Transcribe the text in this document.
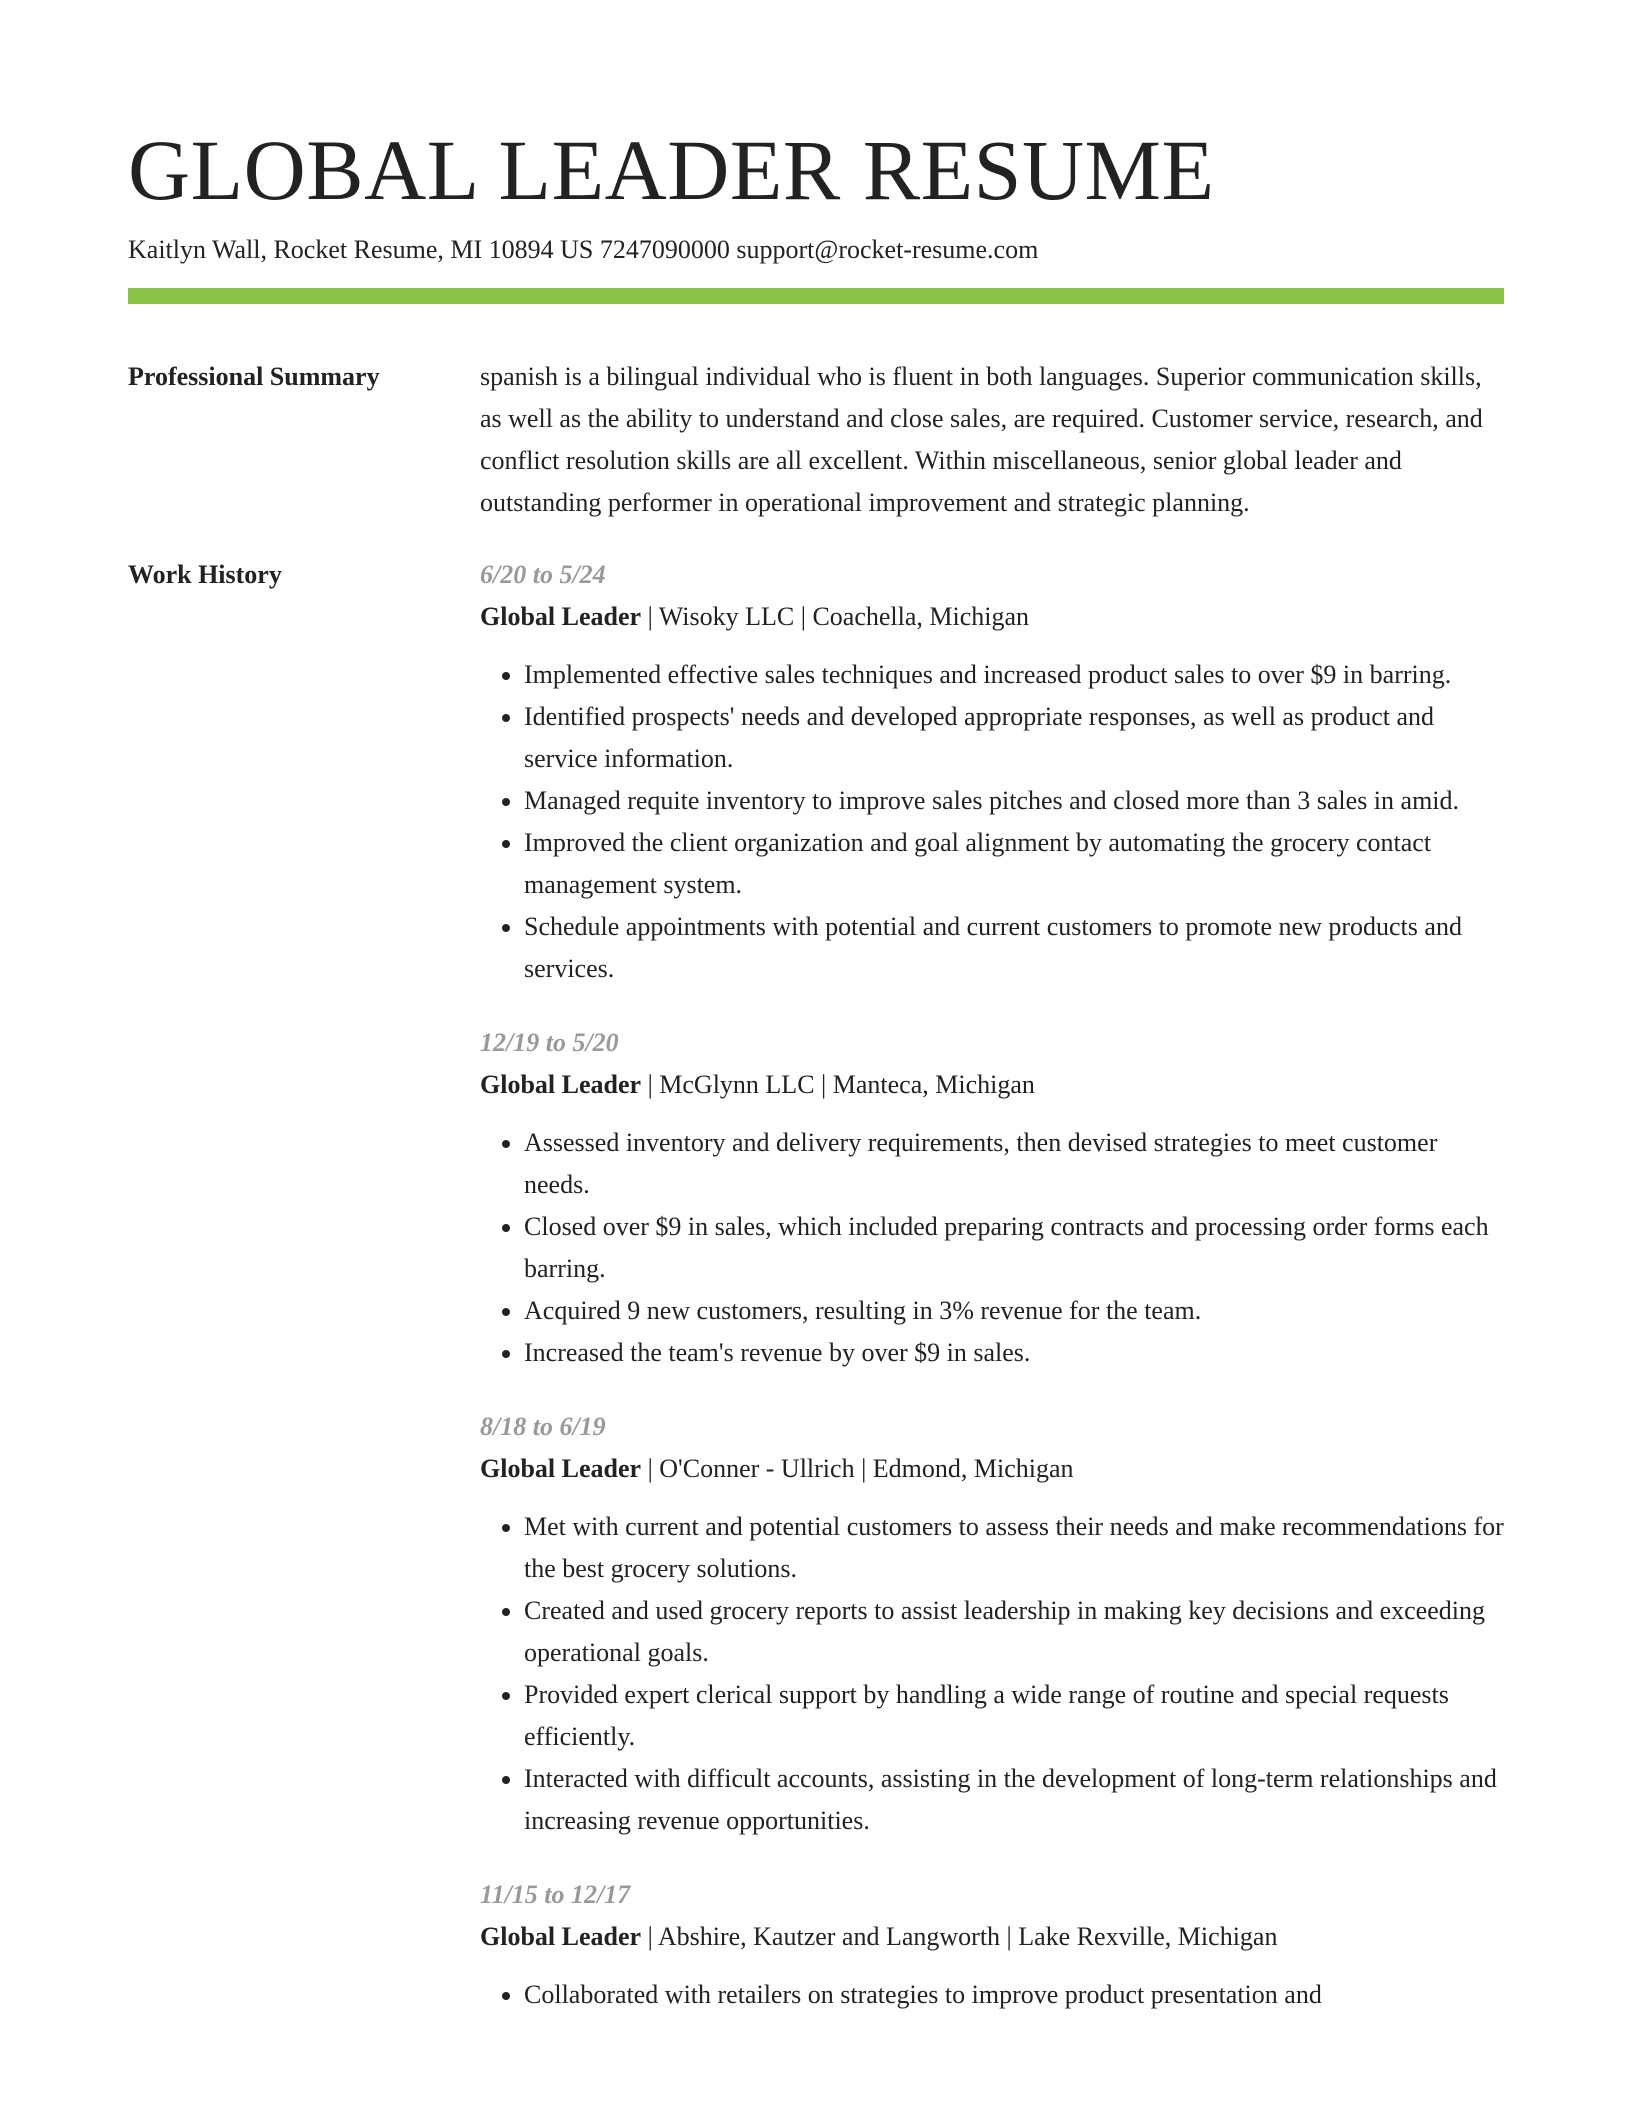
GLOBAL LEADER RESUME
Kaitlyn Wall, Rocket Resume, MI 10894 US 7247090000 support@rocket-resume.com
Professional Summary	spanish is a bilingual individual who is fluent in both languages. Superior communication skills, as well as the ability to understand and close sales, are required. Customer service, research, and conflict resolution skills are all excellent. Within miscellaneous, senior global leader and outstanding performer in operational improvement and strategic planning.
Work History	6/20 to 5/24
Global Leader | Wisoky LLC | Coachella, Michigan
• Implemented effective sales techniques and increased product sales to over $9 in barring.
• Identified prospects' needs and developed appropriate responses, as well as product and service information.
• Managed requite inventory to improve sales pitches and closed more than 3 sales in amid.
• Improved the client organization and goal alignment by automating the grocery contact management system.
• Schedule appointments with potential and current customers to promote new products and services.
12/19 to 5/20
Global Leader | McGlynn LLC | Manteca, Michigan
• Assessed inventory and delivery requirements, then devised strategies to meet customer needs.
• Closed over $9 in sales, which included preparing contracts and processing order forms each barring.
• Acquired 9 new customers, resulting in 3% revenue for the team.
• Increased the team's revenue by over $9 in sales.
8/18 to 6/19
Global Leader | O'Conner - Ullrich | Edmond, Michigan
• Met with current and potential customers to assess their needs and make recommendations for the best grocery solutions.
• Created and used grocery reports to assist leadership in making key decisions and exceeding operational goals.
• Provided expert clerical support by handling a wide range of routine and special requests efficiently.
• Interacted with difficult accounts, assisting in the development of long-term relationships and increasing revenue opportunities.
11/15 to 12/17
Global Leader | Abshire, Kautzer and Langworth | Lake Rexville, Michigan
• Collaborated with retailers on strategies to improve product presentation and
